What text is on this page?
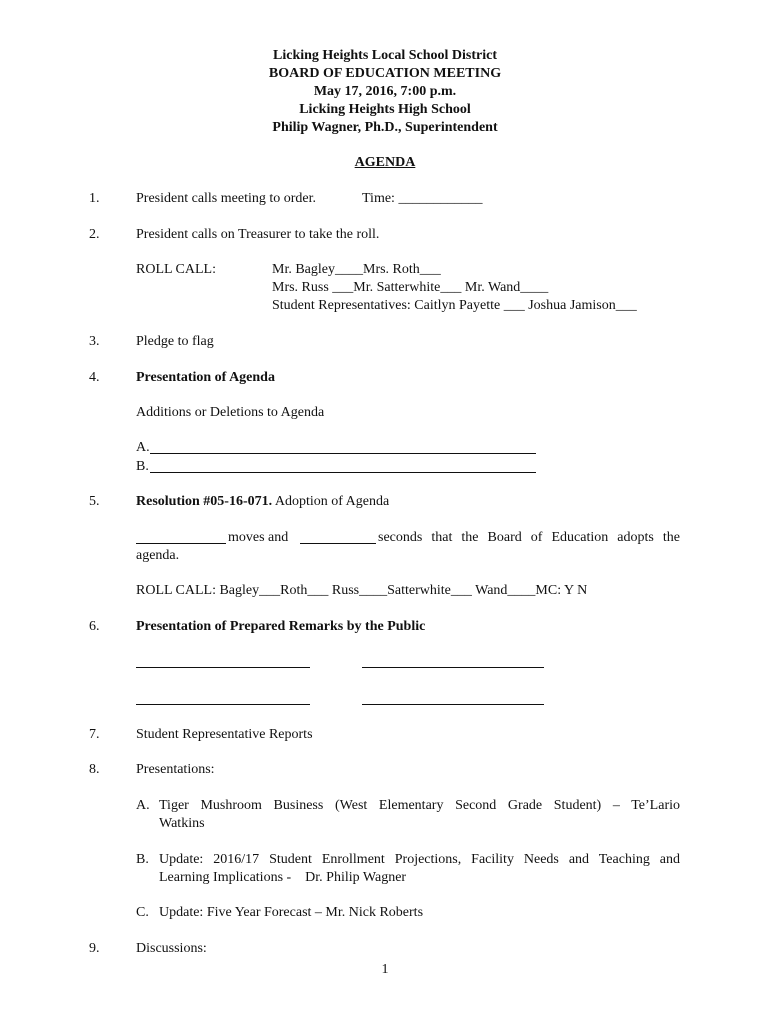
Licking Heights Local School District
BOARD OF EDUCATION MEETING
May 17, 2016, 7:00 p.m.
Licking Heights High School
Philip Wagner, Ph.D., Superintendent
AGENDA
1.	President calls meeting to order.	Time: ____________
2.	President calls on Treasurer to take the roll.
ROLL CALL:	Mr. Bagley____Mrs. Roth___
Mrs. Russ ___Mr. Satterwhite___ Mr. Wand____
Student Representatives: Caitlyn Payette ___ Joshua Jamison___
3.	Pledge to flag
4.	Presentation of Agenda
Additions or Deletions to Agenda
A.
B.
5.	Resolution #05-16-071. Adoption of Agenda
moves and	seconds that the Board of Education adopts the
agenda.
ROLL CALL: Bagley___Roth___ Russ____Satterwhite___ Wand____MC: Y N
6.	Presentation of Prepared Remarks by the Public
7.	Student Representative Reports
8.	Presentations:
A. Tiger Mushroom Business (West Elementary Second Grade Student) – Te’Lario
Watkins
B. Update: 2016/17 Student Enrollment Projections, Facility Needs and Teaching and
Learning Implications -    Dr. Philip Wagner
C. Update: Five Year Forecast – Mr. Nick Roberts
9.	Discussions:
1
